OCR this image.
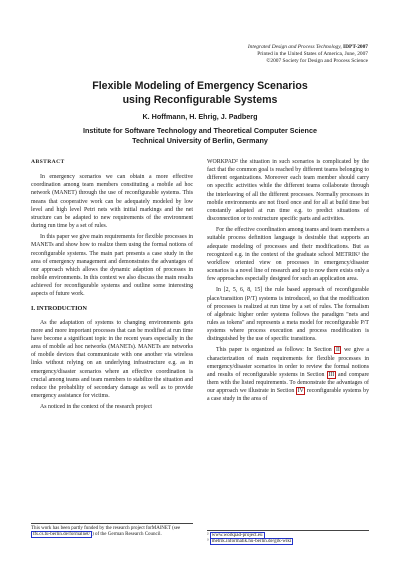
Integrated Design and Process Technology, IDPT-2007
Printed in the United States of America, June, 2007
©2007 Society for Design and Process Science
Flexible Modeling of Emergency Scenarios
using Reconfigurable Systems
K. Hoffmann, H. Ehrig, J. Padberg
Institute for Software Technology and Theoretical Computer Science
Technical University of Berlin, Germany
ABSTRACT

In emergency scenarios we can obtain a more effective coordination among team members constituting a mobile ad hoc network (MANET) through the use of reconfigurable systems. This means that cooperative work can be adequately modeled by low level and high level Petri nets with initial markings and the net structure can be adapted to new requirements of the environment during run time by a set of rules.

In this paper we give main requirements for flexible processes in MANETs and show how to realize them using the formal notions of reconfigurable systems. The main part presents a case study in the area of emergency management and demonstrates the advantages of our approach which allows the dynamic adaption of processes in mobile environments. In this context we also discuss the main results achieved for reconfigurable systems and outline some interesting aspects of future work.

I. INTRODUCTION

As the adaptation of systems to changing environments gets more and more important processes that can be modified at run time have become a significant topic in the recent years especially in the area of mobile ad hoc networks (MANETs). MANETs are networks of mobile devices that communicate with one another via wireless links without relying on an underlying infrastructure e.g. as in emergency/disaster scenarios where an effective coordination is crucial among teams and team members to stabilize the situation and reduce the probability of secondary damage as well as to provide emergency assistance for victims.

As noticed in the context of the research project

This work has been partly funded by the research project forMAlNET (see tfs.cs.tu-berlin.de/formalnet/ ) of the German Research Council.

WORKPAD² the situation in such scenarios is complicated by the fact that the common goal is reached by different teams belonging to different organizations. Moreover each team member should carry on specific activities while the different teams collaborate through the interleaving of all the different processes. Normally processes in mobile environments are not fixed once and for all at build time but constantly adapted at run time e.g. to predict situations of disconnection or to restructure specific parts and activities.

For the effective coordination among teams and team members a suitable process definition language is desirable that supports an adequate modeling of processes and their modifications. But as recognized e.g. in the context of the graduate school METRIK³ the workflow oriented view on processes in emergency/disaster scenarios is a novel line of research and up to now there exists only a few approaches especially designed for such an application area.

In [2, 5, 6, 8, 15] the rule based approach of reconfigurable place/transition (P/T) systems is introduced, so that the modification of processes is realized at run time by a set of rules. The formalism of algebraic higher order systems follows the paradigm "nets and rules as tokens" and represents a meta model for reconfigurable P/T systems where process execution and process modification is distinguished by the use of specific transitions.

This paper is organized as follows: In Section II we give a characterization of main requirements for flexible processes in emergency/disaster scenarios in order to review the formal notions and results of reconfigurable systems in Section III and compare them with the listed requirements. To demonstrate the advantages of our approach we illustrate in Section IV reconfigurable systems by a case study in the area of

² www.workpad-project.eu
³ metrik.informatik.hu-berlin.de/grk-wiki
